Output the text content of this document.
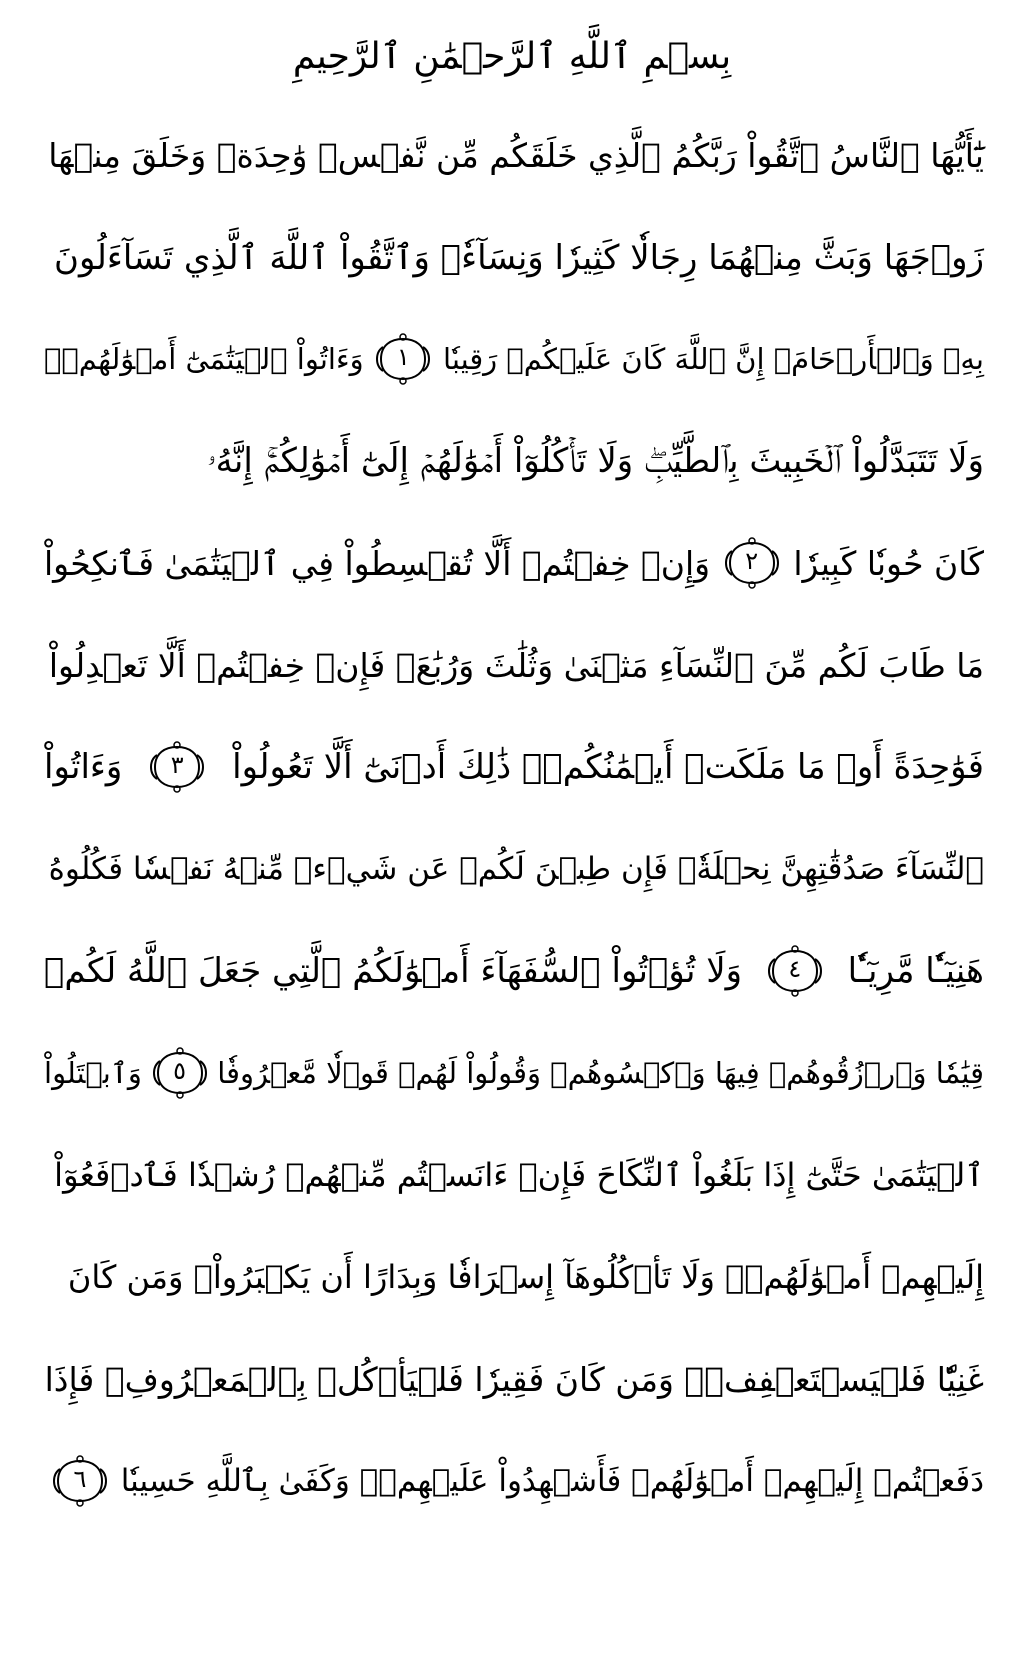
بِسۡمِ ٱللَّهِ ٱلرَّحۡمَٰنِ ٱلرَّحِيمِ
يَٰٓأَيُّهَا ٱلنَّاسُ ٱتَّقُواْ رَبَّكُمُ ٱلَّذِي خَلَقَكُم مِّن نَّفۡسٖ وَٰحِدَةٖ وَخَلَقَ مِنۡهَا
زَوۡجَهَا وَبَثَّ مِنۡهُمَا رِجَالٗا كَثِيرٗا وَنِسَآءٗۚ وَٱتَّقُواْ ٱللَّهَ ٱلَّذِي تَسَآءَلُونَ
بِهِۦ وَٱلۡأَرۡحَامَۚ إِنَّ ٱللَّهَ كَانَ عَلَيۡكُمۡ رَقِيبٗا
١
وَءَاتُواْ ٱلۡيَتَٰمَىٰٓ أَمۡوَٰلَهُمۡۖ
وَلَا تَتَبَدَّلُواْ ٱلۡخَبِيثَ بِٱلطَّيِّبِۖ وَلَا تَأۡكُلُوٓاْ أَمۡوَٰلَهُمۡ إِلَىٰٓ أَمۡوَٰلِكُمۡۚ إِنَّهُۥ
كَانَ حُوبٗا كَبِيرٗا
٢
وَإِنۡ خِفۡتُمۡ أَلَّا تُقۡسِطُواْ فِي ٱلۡيَتَٰمَىٰ فَٱنكِحُواْ
مَا طَابَ لَكُم مِّنَ ٱلنِّسَآءِ مَثۡنَىٰ وَثُلَٰثَ وَرُبَٰعَۖ فَإِنۡ خِفۡتُمۡ أَلَّا تَعۡدِلُواْ
فَوَٰحِدَةً أَوۡ مَا مَلَكَتۡ أَيۡمَٰنُكُمۡۚ ذَٰلِكَ أَدۡنَىٰٓ أَلَّا تَعُولُواْ
٣
وَءَاتُواْ
ٱلنِّسَآءَ صَدُقَٰتِهِنَّ نِحۡلَةٗۚ فَإِن طِبۡنَ لَكُمۡ عَن شَيۡءٖ مِّنۡهُ نَفۡسٗا فَكُلُوهُ
هَنِيٓـٔٗا مَّرِيٓـٔٗا
٤
وَلَا تُؤۡتُواْ ٱلسُّفَهَآءَ أَمۡوَٰلَكُمُ ٱلَّتِي جَعَلَ ٱللَّهُ لَكُمۡ
قِيَٰمٗا وَٱرۡزُقُوهُمۡ فِيهَا وَٱكۡسُوهُمۡ وَقُولُواْ لَهُمۡ قَوۡلٗا مَّعۡرُوفٗا
٥
وَٱبۡتَلُواْ
ٱلۡيَتَٰمَىٰ حَتَّىٰٓ إِذَا بَلَغُواْ ٱلنِّكَاحَ فَإِنۡ ءَانَسۡتُم مِّنۡهُمۡ رُشۡدٗا فَٱدۡفَعُوٓاْ
إِلَيۡهِمۡ أَمۡوَٰلَهُمۡۖ وَلَا تَأۡكُلُوهَآ إِسۡرَافٗا وَبِدَارًا أَن يَكۡبَرُواْۚ وَمَن كَانَ
غَنِيّٗا فَلۡيَسۡتَعۡفِفۡۖ وَمَن كَانَ فَقِيرٗا فَلۡيَأۡكُلۡ بِٱلۡمَعۡرُوفِۚ فَإِذَا
دَفَعۡتُمۡ إِلَيۡهِمۡ أَمۡوَٰلَهُمۡ فَأَشۡهِدُواْ عَلَيۡهِمۡۚ وَكَفَىٰ بِٱللَّهِ حَسِيبٗا
٦
